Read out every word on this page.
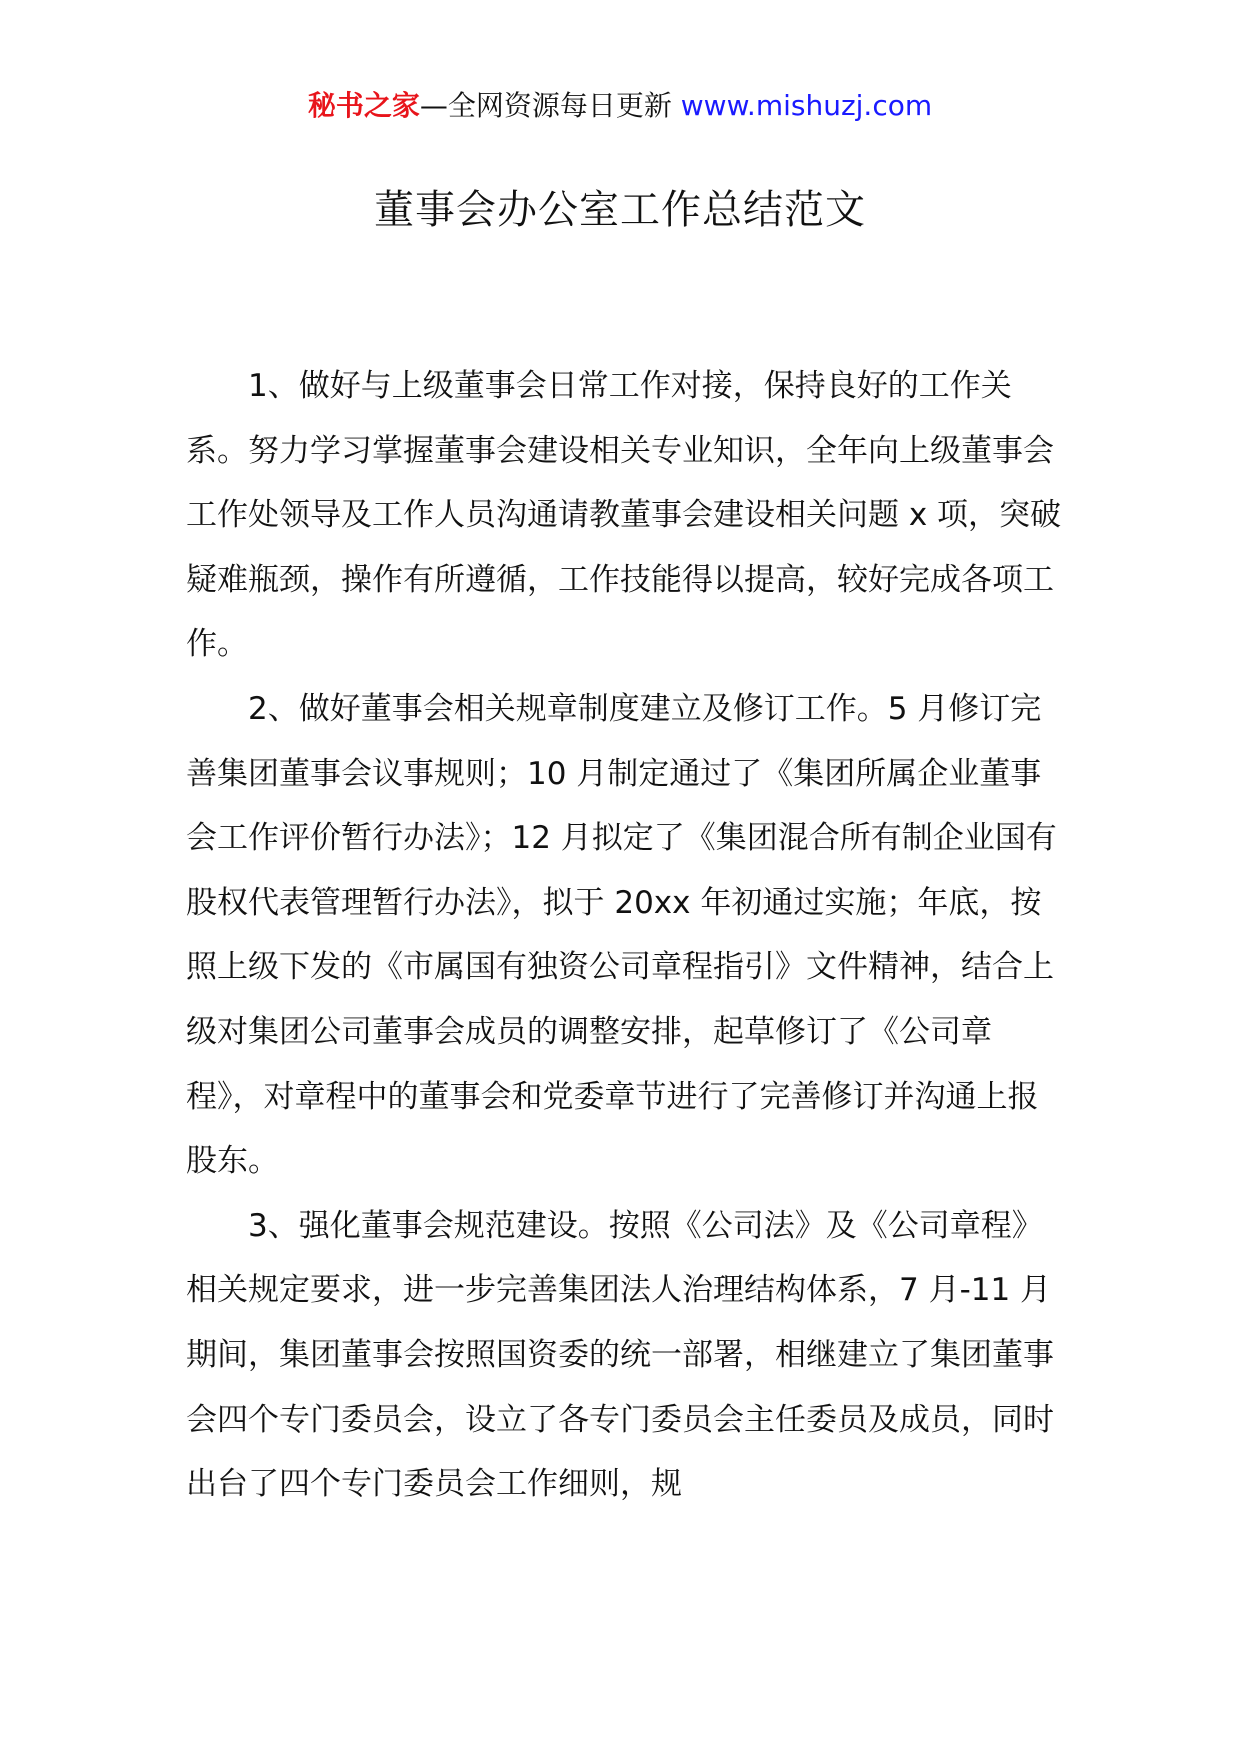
秘书之家—全网资源每日更新 www.mishuzj.com
董事会办公室工作总结范文

1、做好与上级董事会日常工作对接，保持良好的工作关系。努力学习掌握董事会建设相关专业知识，全年向上级董事会工作处领导及工作人员沟通请教董事会建设相关问题 x 项，突破疑难瓶颈，操作有所遵循，工作技能得以提高，较好完成各项工作。

2、做好董事会相关规章制度建立及修订工作。5 月修订完善集团董事会议事规则；10 月制定通过了《集团所属企业董事会工作评价暂行办法》；12 月拟定了《集团混合所有制企业国有股权代表管理暂行办法》，拟于 20xx 年初通过实施；年底，按照上级下发的《市属国有独资公司章程指引》文件精神，结合上级对集团公司董事会成员的调整安排，起草修订了《公司章程》，对章程中的董事会和党委章节进行了完善修订并沟通上报股东。

3、强化董事会规范建设。按照《公司法》及《公司章程》相关规定要求，进一步完善集团法人治理结构体系，7 月-11 月期间，集团董事会按照国资委的统一部署，相继建立了集团董事会四个专门委员会，设立了各专门委员会主任委员及成员，同时出台了四个专门委员会工作细则，规
